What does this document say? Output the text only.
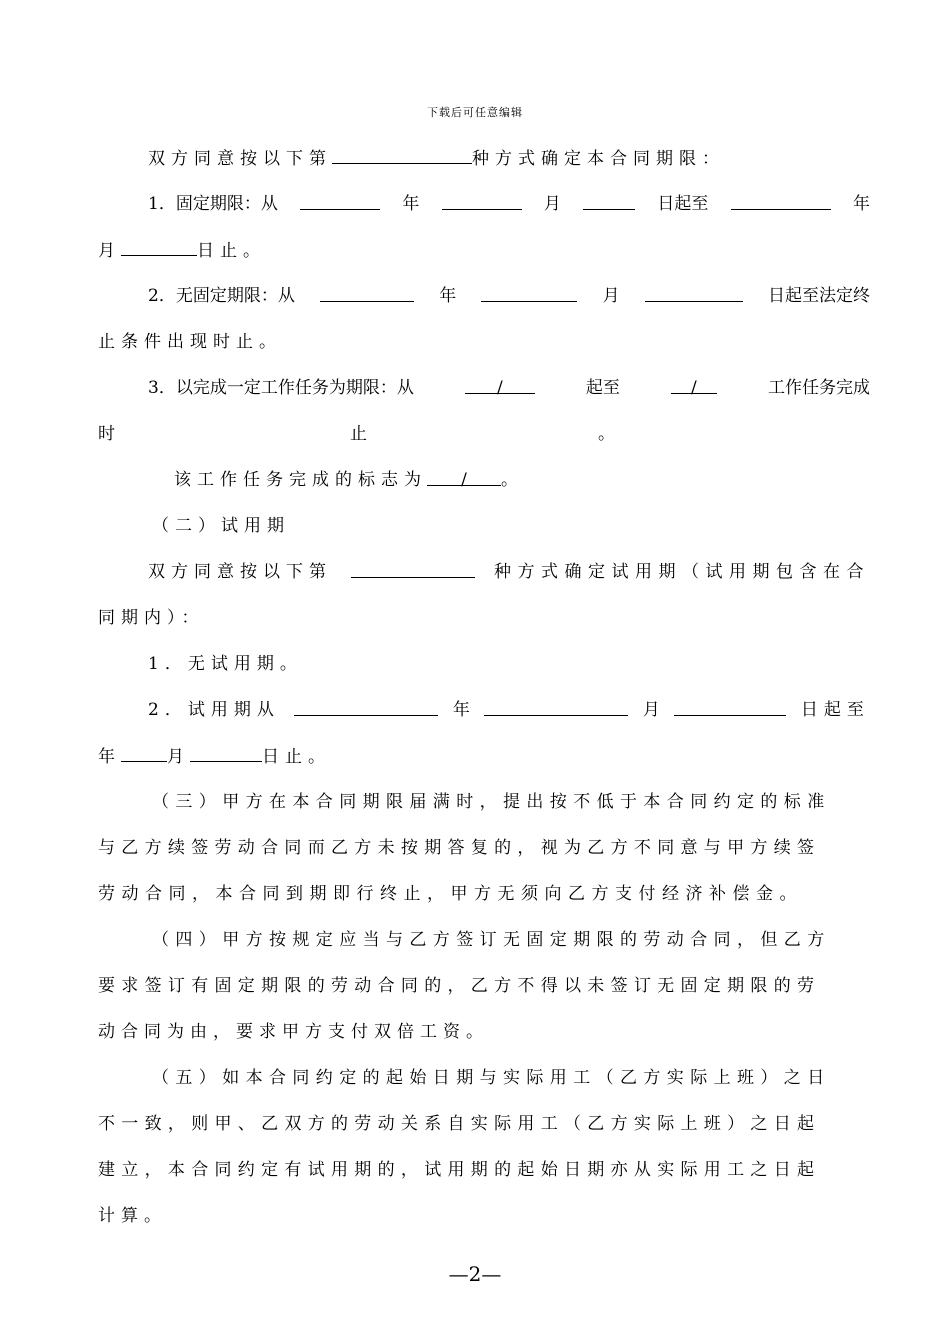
下载后可任意编辑
双方同意按以下第	种方式确定本合同期限：
1．固定期限：从	年	月	日起至	年
月	日止。
2．无固定期限：从	年	月	日起至法定终
止条件出现时止。
3．以完成一定工作任务为期限：从	/	起至	/	工作任务完成
时	止	。
该工作任务完成的标志为 / 。
（二）试用期
双方同意按以下第	种方式确定试用期（试用期包含在合
同期内）：
1．无试用期。
2．试用期从	年	月	日起至
年	月	日止。
（三）甲方在本合同期限届满时，提出按不低于本合同约定的标准
与乙方续签劳动合同而乙方未按期答复的，视为乙方不同意与甲方续签
劳动合同，本合同到期即行终止，甲方无须向乙方支付经济补偿金。
（四）甲方按规定应当与乙方签订无固定期限的劳动合同，但乙方
要求签订有固定期限的劳动合同的，乙方不得以未签订无固定期限的劳
动合同为由，要求甲方支付双倍工资。
（五）如本合同约定的起始日期与实际用工（乙方实际上班）之日
不一致，则甲、乙双方的劳动关系自实际用工（乙方实际上班）之日起
建立，本合同约定有试用期的，试用期的起始日期亦从实际用工之日起
计算。
—2—
